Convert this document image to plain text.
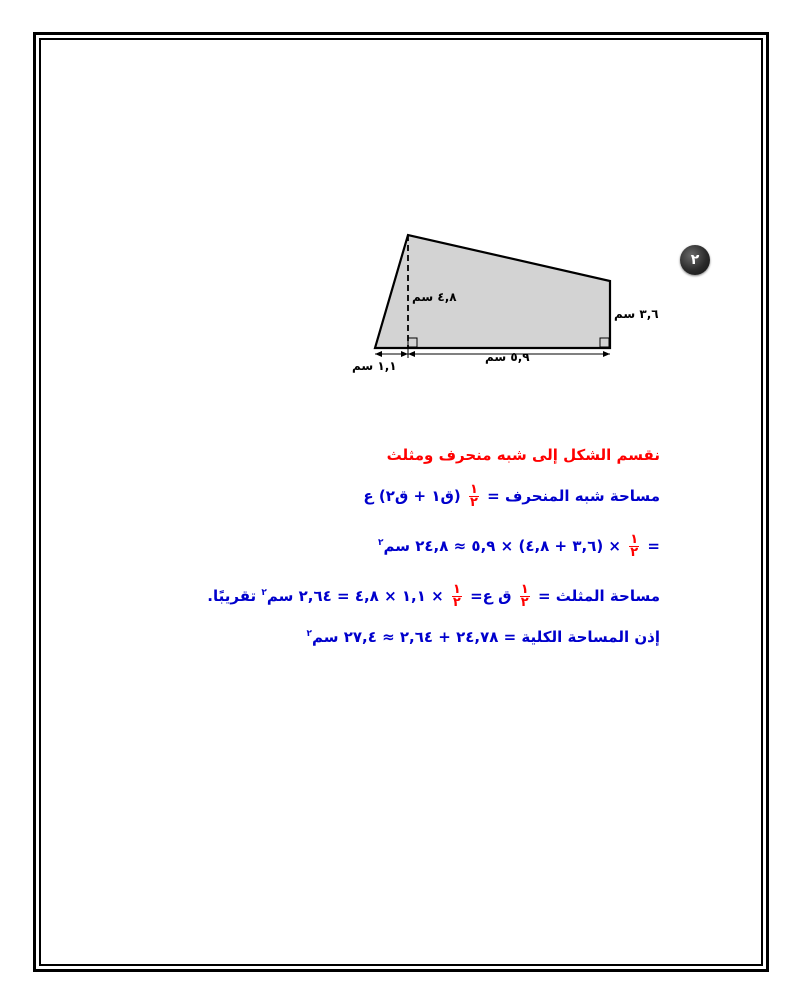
٢
٤,٨ سم
٣,٦ سم
١,١ سم
٥,٩ سم
نقسم الشكل إلى شبه منحرف ومثلث
مساحة شبه المنحرف =
$\frac{١}{٢}$
(ق١ + ق٢) ع
=
$\frac{١}{٢}$
× (٣,٦ + ٤,٨) × ٥,٩ ≈ ٢٤,٨ سم$^٢$
مساحة المثلث =
$\frac{١}{٢}$
ق ع=
$\frac{١}{٢}$
× ١,١ × ٤,٨ = ٢,٦٤ سم$^٢$ تقريبًا.
إذن المساحة الكلية = ٢٤,٧٨ + ٢,٦٤ ≈ ٢٧,٤ سم$^٢$
